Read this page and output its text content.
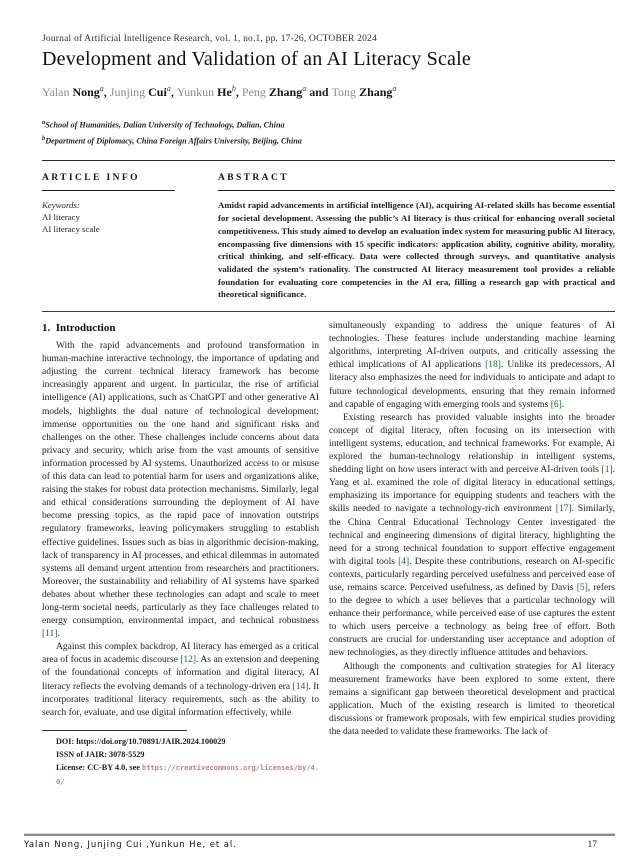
Journal of Artificial Intelligence Research, vol. 1, no.1, pp. 17-26, OCTOBER 2024
Development and Validation of an AI Literacy Scale
Yalan Nong$^a$, Junjing Cui$^a$, Yunkun He$^b$, Peng Zhang$^a$ and Tong Zhang$^a$
$^a$School of Humanities, Dalian University of Technology, Dalian, China
$^b$Department of Diplomacy, China Foreign Affairs University, Beijing, China
ARTICLE INFO
Keywords:
AI literacy
AI literacy scale
ABSTRACT

Amidst rapid advancements in artificial intelligence (AI), acquiring AI-related skills has become essential for societal development. Assessing the public’s AI literacy is thus critical for enhancing overall societal competitiveness. This study aimed to develop an evaluation index system for measuring public AI literacy, encompassing five dimensions with 15 specific indicators: application ability, cognitive ability, morality, critical thinking, and self-efficacy. Data were collected through surveys, and quantitative analysis validated the system’s rationality. The constructed AI literacy measurement tool provides a reliable foundation for evaluating core competencies in the AI era, filling a research gap with practical and theoretical significance.

1.  Introduction

With the rapid advancements and profound transformation in human-machine interactive technology, the importance of updating and adjusting the current technical literacy framework has become increasingly apparent and urgent. In particular, the rise of artificial intelligence (AI) applications, such as ChatGPT and other generative AI models, highlights the dual nature of technological development: immense opportunities on the one hand and significant risks and challenges on the other. These challenges include concerns about data privacy and security, which arise from the vast amounts of sensitive information processed by AI systems. Unauthorized access to or misuse of this data can lead to potential harm for users and organizations alike, raising the stakes for robust data protection mechanisms. Similarly, legal and ethical considerations surrounding the deployment of AI have become pressing topics, as the rapid pace of innovation outstrips regulatory frameworks, leaving policymakers struggling to establish effective guidelines. Issues such as bias in algorithmic decision-making, lack of transparency in AI processes, and ethical dilemmas in automated systems all demand urgent attention from researchers and practitioners. Moreover, the sustainability and reliability of AI systems have sparked debates about whether these technologies can adapt and scale to meet long-term societal needs, particularly as they face challenges related to energy consumption, environmental impact, and technical robustness [11].

Against this complex backdrop, AI literacy has emerged as a critical area of focus in academic discourse [12]. As an extension and deepening of the foundational concepts of information and digital literacy, AI literacy reflects the evolving demands of a technology-driven era [14]. It incorporates traditional literacy requirements, such as the ability to search for, evaluate, and use digital information effectively, while

DOI: https://doi.org/10.70891/JAIR.2024.100029
ISSN of JAIR: 3078-5529
License: CC-BY 4.0, see https://creativecommons.org/licenses/by/4.0/

simultaneously expanding to address the unique features of AI technologies. These features include understanding machine learning algorithms, interpreting AI-driven outputs, and critically assessing the ethical implications of AI applications [18]. Unlike its predecessors, AI literacy also emphasizes the need for individuals to anticipate and adapt to future technological developments, ensuring that they remain informed and capable of engaging with emerging tools and systems [6].

Existing research has provided valuable insights into the broader concept of digital literacy, often focusing on its intersection with intelligent systems, education, and technical frameworks. For example, Ai explored the human-technology relationship in intelligent systems, shedding light on how users interact with and perceive AI-driven tools [1]. Yang et al. examined the role of digital literacy in educational settings, emphasizing its importance for equipping students and teachers with the skills needed to navigate a technology-rich environment [17]. Similarly, the China Central Educational Technology Center investigated the technical and engineering dimensions of digital literacy, highlighting the need for a strong technical foundation to support effective engagement with digital tools [4]. Despite these contributions, research on AI-specific contexts, particularly regarding perceived usefulness and perceived ease of use, remains scarce. Perceived usefulness, as defined by Davis [5], refers to the degree to which a user believes that a particular technology will enhance their performance, while perceived ease of use captures the extent to which users perceive a technology as being free of effort. Both constructs are crucial for understanding user acceptance and adoption of new technologies, as they directly influence attitudes and behaviors.

Although the components and cultivation strategies for AI literacy measurement frameworks have been explored to some extent, there remains a significant gap between theoretical development and practical application. Much of the existing research is limited to theoretical discussions or framework proposals, with few empirical studies providing the data needed to validate these frameworks. The lack of

Yalan Nong, Junjing Cui ,Yunkun He, et al.	17
